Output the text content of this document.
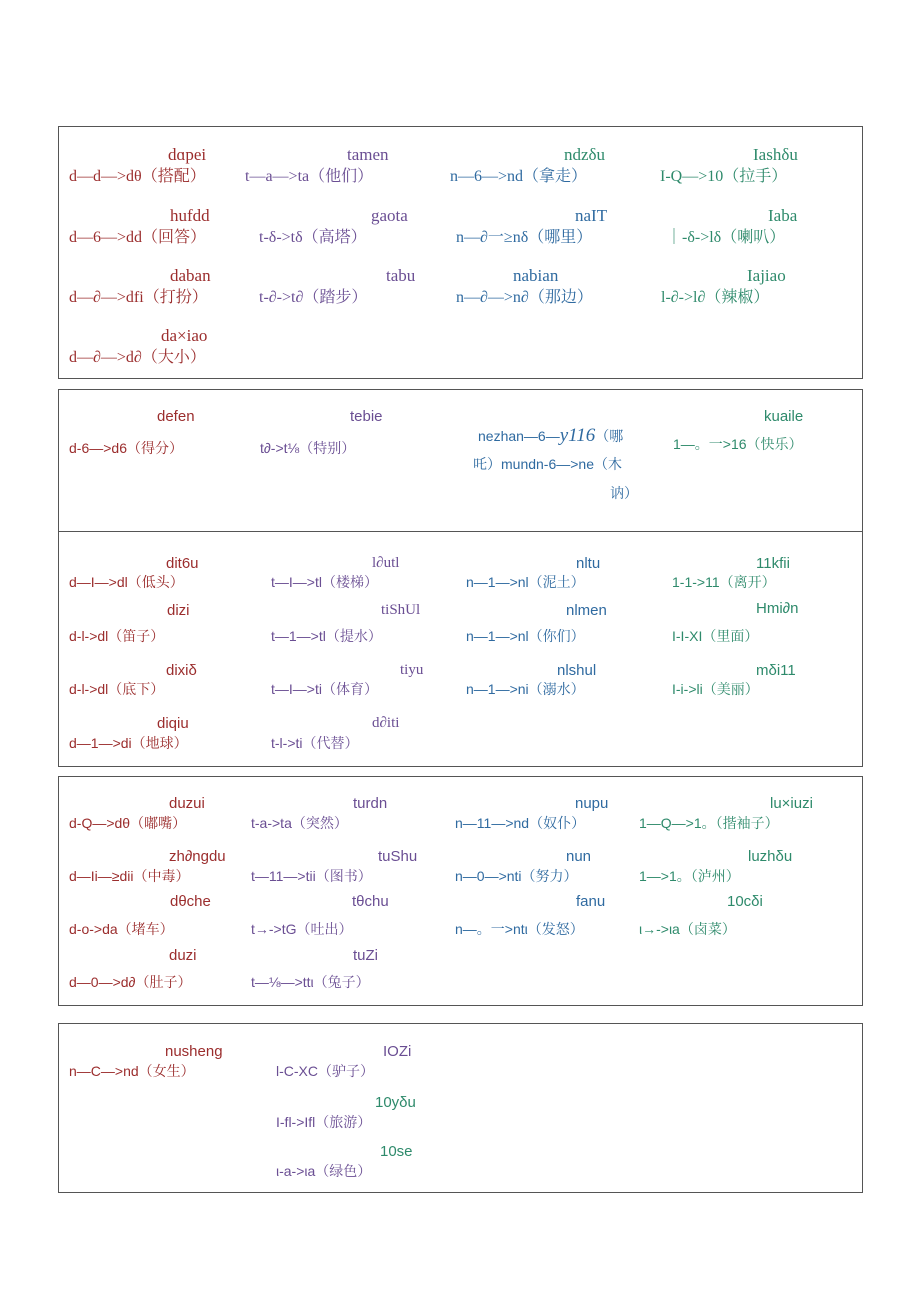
dɑpei
d—d—>dθ（搭配）
tamen
t—a—>ta（他们）
ndzδu
n—6—>nd（拿走）
Iashδu
I-Q—>10（拉手）
hufdd
d—6—>dd（回答）
gaota
t-δ->tδ（高塔）
naIT
n—∂一≥nδ（哪里）
Iaba
｜-δ->lδ（喇叭）
daban
d—∂—>dfi（打扮）
tabu
t-∂->t∂（踏步）
nabian
n—∂—>n∂（那边）
Iajiao
l-∂->l∂（辣椒）
da×iao
d—∂—>d∂（大小）
defen
d-6—>d6（得分）
tebie
t∂->t⅛（特别）
kuaile
1—。一>16（快乐）
nezhan—6—y116（哪
吒）mundn-6—>ne（木
讷）
dit6u
d—I—>dl（低头）
l∂utl
t—I—>tl（楼梯）
nltu
n—1—>nl（泥土）
11kfii
1-1->11（离开）
dizi
d-l->dl（笛子）
tiShUl
t—1—>tl（提水）
nlmen
n—1—>nl（你们）
Hmi∂n
I-I-XI（里面）
dixiδ
d-l->dl（底下）
tiyu
t—I—>ti（体育）
nlshul
n—1—>ni（溺水）
mδi11
I-i->li（美丽）
diqiu
d—1—>di（地球）
d∂iti
t-l->ti（代替）
duzui
d-Q—>dθ（嘟嘴）
turdn
t-a->ta（突然）
nupu
n—11—>nd（奴仆）
lu×iuzi
1—Q—>1。（揩袖子）
zh∂ngdu
d—Ii—≥dii（中毒）
tuShu
t—11—>tii（图书）
nun
n—0—>nti（努力）
luzhδu
1—>1。（泸州）
dθche
d-o->da（堵车）
tθchu
t→->tG（吐出）
fanu
n—。一>ntι（发怒）
10cδi
ι→->ιa（卤菜）
duzi
d—0—>d∂（肚子）
tuZi
t—⅛—>ttι（兔子）
nusheng
n—C—>nd（女生）
IOZi
l-C-XC（驴子）
10yδu
I-fl->Ifl（旅游）
10se
ι-a->ιa（绿色）
